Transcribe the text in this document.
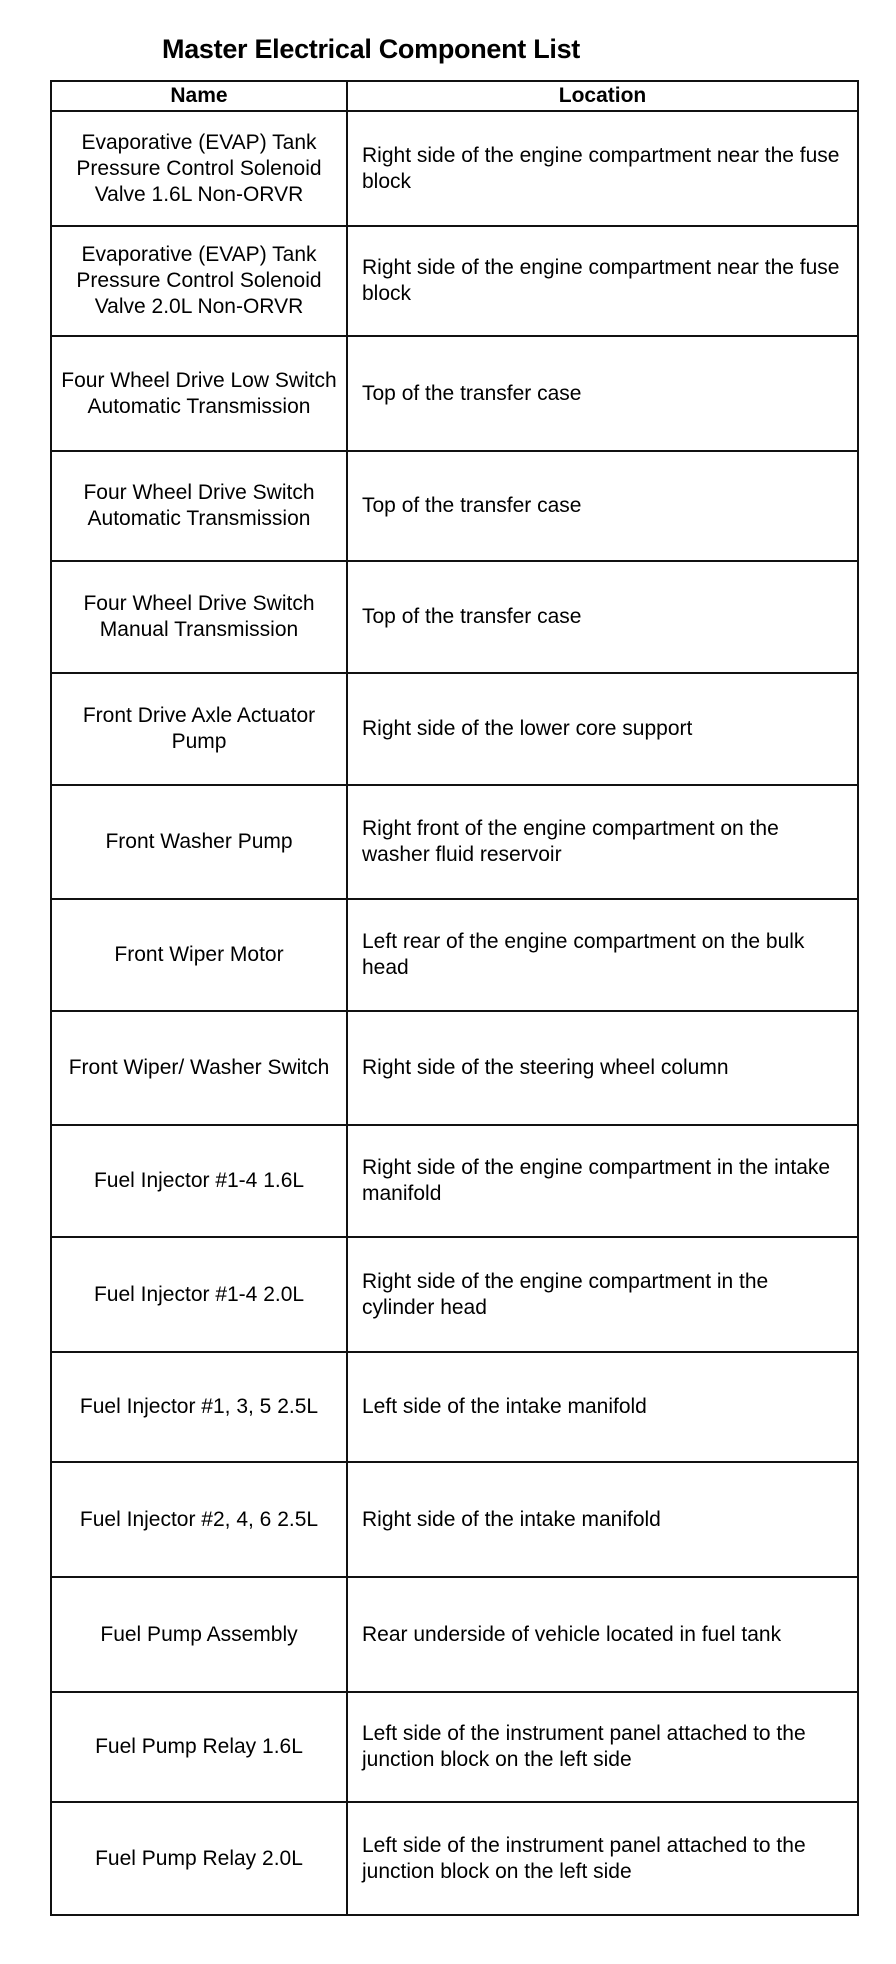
Master Electrical Component List
Name	Location
Evaporative (EVAP) Tank Pressure Control Solenoid Valve 1.6L Non-ORVR	Right side of the engine compartment near the fuse block
Evaporative (EVAP) Tank Pressure Control Solenoid Valve 2.0L Non-ORVR	Right side of the engine compartment near the fuse block
Four Wheel Drive Low Switch Automatic Transmission	Top of the transfer case
Four Wheel Drive Switch Automatic Transmission	Top of the transfer case
Four Wheel Drive Switch Manual Transmission	Top of the transfer case
Front Drive Axle Actuator Pump	Right side of the lower core support
Front Washer Pump	Right front of the engine compartment on the washer fluid reservoir
Front Wiper Motor	Left rear of the engine compartment on the bulk head
Front Wiper/ Washer Switch	Right side of the steering wheel column
Fuel Injector #1-4 1.6L	Right side of the engine compartment in the intake manifold
Fuel Injector #1-4 2.0L	Right side of the engine compartment in the cylinder head
Fuel Injector #1, 3, 5 2.5L	Left side of the intake manifold
Fuel Injector #2, 4, 6 2.5L	Right side of the intake manifold
Fuel Pump Assembly	Rear underside of vehicle located in fuel tank
Fuel Pump Relay 1.6L	Left side of the instrument panel attached to the junction block on the left side
Fuel Pump Relay 2.0L	Left side of the instrument panel attached to the junction block on the left side
